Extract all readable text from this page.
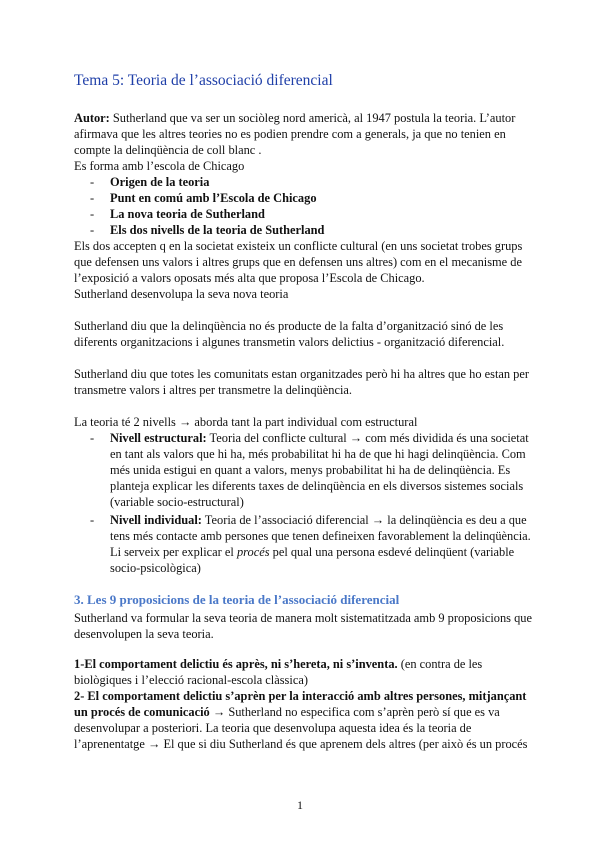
Tema 5: Teoria de l’associació diferencial
Autor: Sutherland que va ser un sociòleg nord americà, al 1947 postula la teoria. L’autor
afirmava que les altres teories no es podien prendre com a generals, ja que no tenien en
compte la delinqüència de coll blanc .
Es forma amb l’escola de Chicago
- Origen de la teoria
- Punt en comú amb l’Escola de Chicago
- La nova teoria de Sutherland
- Els dos nivells de la teoria de Sutherland
Els dos accepten q en la societat existeix un conflicte cultural (en uns societat trobes grups
que defensen uns valors i altres grups que en defensen uns altres) com en el mecanisme de
l’exposició a valors oposats més alta que proposa l’Escola de Chicago.
Sutherland desenvolupa la seva nova teoria
Sutherland diu que la delinqüència no és producte de la falta d’organització sinó de les
diferents organitzacions i algunes transmetin valors delictius - organització diferencial.
Sutherland diu que totes les comunitats estan organitzades però hi ha altres que ho estan per
transmetre valors i altres per transmetre la delinqüència.
La teoria té 2 nivells → aborda tant la part individual com estructural
- Nivell estructural: Teoria del conflicte cultural → com més dividida és una societat
en tant als valors que hi ha, més probabilitat hi ha de que hi hagi delinqüència. Com
més unida estigui en quant a valors, menys probabilitat hi ha de delinqüència. Es
planteja explicar les diferents taxes de delinqüència en els diversos sistemes socials
(variable socio-estructural)
- Nivell individual: Teoria de l’associació diferencial → la delinqüència es deu a que
tens més contacte amb persones que tenen defineixen favorablement la delinqüència.
Li serveix per explicar el procés pel qual una persona esdevé delinqüent (variable
socio-psicològica)
3. Les 9 proposicions de la teoria de l’associació diferencial
Sutherland va formular la seva teoria de manera molt sistematitzada amb 9 proposicions que
desenvolupen la seva teoria.
1-El comportament delictiu és après, ni s’hereta, ni s’inventa. (en contra de les
biològiques i l’elecció racional-escola clàssica)
2- El comportament delictiu s’aprèn per la interacció amb altres persones, mitjançant
un procés de comunicació → Sutherland no especifica com s’aprèn però sí que es va
desenvolupar a posteriori. La teoria que desenvolupa aquesta idea és la teoria de
l’aprenentatge → El que si diu Sutherland és que aprenem dels altres (per això és un procés
1
